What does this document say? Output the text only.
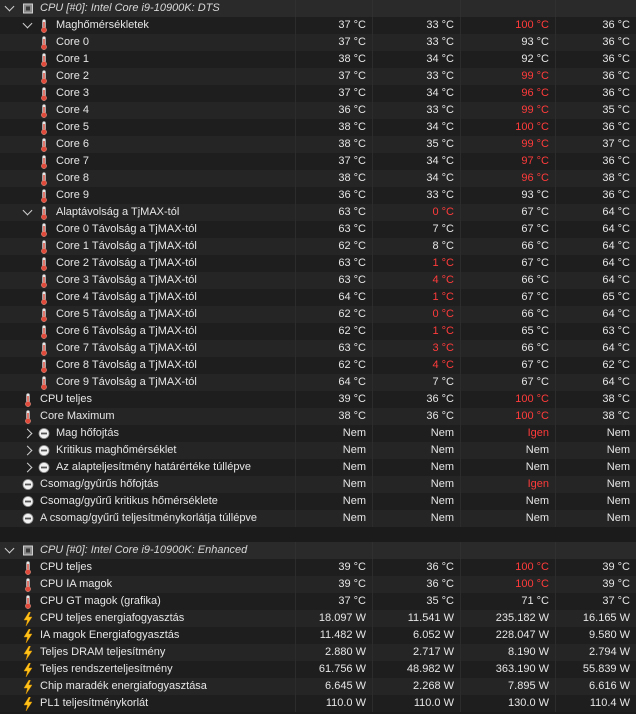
CPU [#0]: Intel Core i9-10900K: DTS
Maghőmérsékletek	37 °C	33 °C	100 °C	36 °C
Core 0	37 °C	33 °C	93 °C	36 °C
Core 1	38 °C	34 °C	92 °C	36 °C
Core 2	37 °C	33 °C	99 °C	36 °C
Core 3	37 °C	34 °C	96 °C	36 °C
Core 4	36 °C	33 °C	99 °C	35 °C
Core 5	38 °C	34 °C	100 °C	36 °C
Core 6	38 °C	35 °C	99 °C	37 °C
Core 7	37 °C	34 °C	97 °C	36 °C
Core 8	38 °C	34 °C	96 °C	38 °C
Core 9	36 °C	33 °C	93 °C	36 °C
Alaptávolság a TjMAX-tól	63 °C	0 °C	67 °C	64 °C
Core 0 Távolság a TjMAX-tól	63 °C	7 °C	67 °C	64 °C
Core 1 Távolság a TjMAX-tól	62 °C	8 °C	66 °C	64 °C
Core 2 Távolság a TjMAX-tól	63 °C	1 °C	67 °C	64 °C
Core 3 Távolság a TjMAX-tól	63 °C	4 °C	66 °C	64 °C
Core 4 Távolság a TjMAX-tól	64 °C	1 °C	67 °C	65 °C
Core 5 Távolság a TjMAX-tól	62 °C	0 °C	66 °C	64 °C
Core 6 Távolság a TjMAX-tól	62 °C	1 °C	65 °C	63 °C
Core 7 Távolság a TjMAX-tól	63 °C	3 °C	66 °C	64 °C
Core 8 Távolság a TjMAX-tól	62 °C	4 °C	67 °C	62 °C
Core 9 Távolság a TjMAX-tól	64 °C	7 °C	67 °C	64 °C
CPU teljes	39 °C	36 °C	100 °C	38 °C
Core Maximum	38 °C	36 °C	100 °C	38 °C
Mag hőfojtás	Nem	Nem	Igen	Nem
Kritikus maghőmérséklet	Nem	Nem	Nem	Nem
Az alapteljesítmény határértéke túllépve	Nem	Nem	Nem	Nem
Csomag/gyűrűs hőfojtás	Nem	Nem	Igen	Nem
Csomag/gyűrű kritikus hőmérséklete	Nem	Nem	Nem	Nem
A csomag/gyűrű teljesítménykorlátja túllépve	Nem	Nem	Nem	Nem
CPU [#0]: Intel Core i9-10900K: Enhanced
CPU teljes	39 °C	36 °C	100 °C	39 °C
CPU IA magok	39 °C	36 °C	100 °C	39 °C
CPU GT magok (grafika)	37 °C	35 °C	71 °C	37 °C
CPU teljes energiafogyasztás	18.097 W	11.541 W	235.182 W	16.165 W
IA magok Energiafogyasztás	11.482 W	6.052 W	228.047 W	9.580 W
Teljes DRAM teljesítmény	2.880 W	2.717 W	8.190 W	2.794 W
Teljes rendszerteljesítmény	61.756 W	48.982 W	363.190 W	55.839 W
Chip maradék energiafogyasztása	6.645 W	2.268 W	7.895 W	6.616 W
PL1 teljesítménykorlát	110.0 W	110.0 W	130.0 W	110.4 W
